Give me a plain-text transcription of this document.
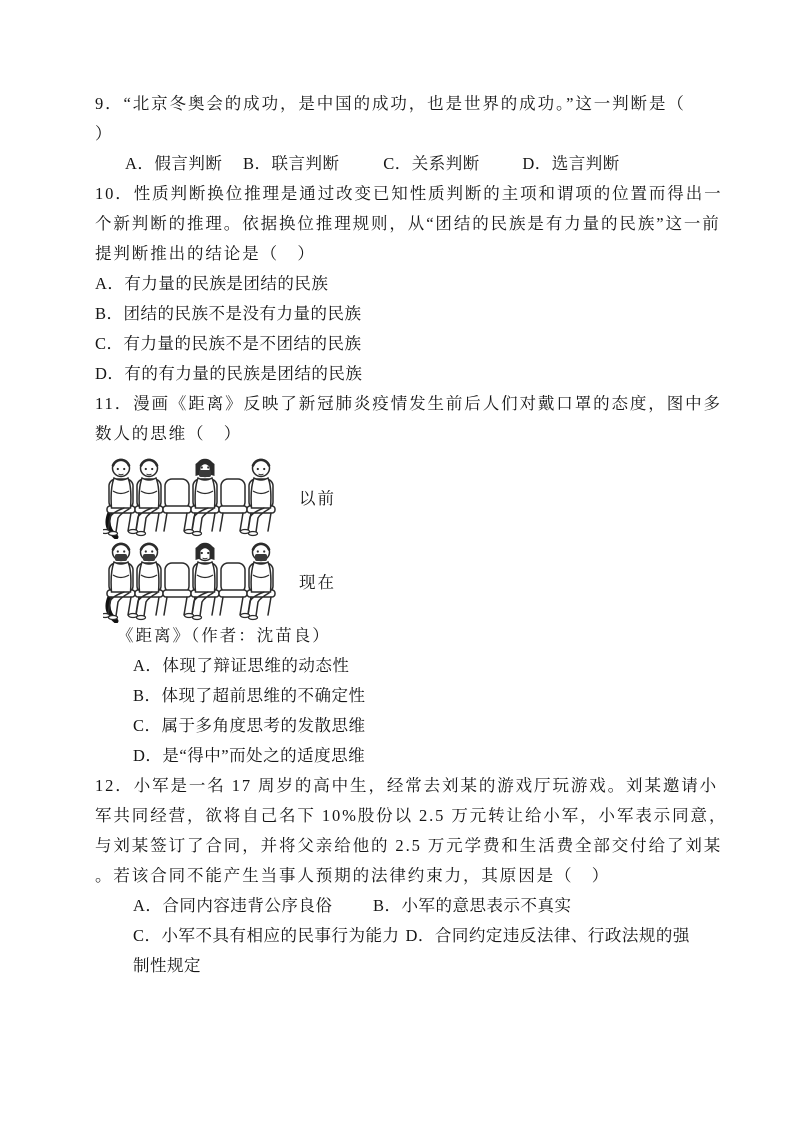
9．“北京冬奥会的成功，是中国的成功，也是世界的成功。”这一判断是（
）
A．假言判断 B．联言判断	C．关系判断	D．选言判断
10．性质判断换位推理是通过改变已知性质判断的主项和谓项的位置而得出一
个新判断的推理。依据换位推理规则，从“团结的民族是有力量的民族”这一前
提判断推出的结论是（　）
A．有力量的民族是团结的民族
B．团结的民族不是没有力量的民族
C．有力量的民族不是不团结的民族
D．有的有力量的民族是团结的民族
11．漫画《距离》反映了新冠肺炎疫情发生前后人们对戴口罩的态度，图中多
数人的思维（　）
以前
现在
《距离》（作者：沈苗良）
A．体现了辩证思维的动态性
B．体现了超前思维的不确定性
C．属于多角度思考的发散思维
D．是“得中”而处之的适度思维
12．小军是一名 17 周岁的高中生，经常去刘某的游戏厅玩游戏。刘某邀请小
军共同经营，欲将自己名下 10%股份以 2.5 万元转让给小军，小军表示同意，
与刘某签订了合同，并将父亲给他的 2.5 万元学费和生活费全部交付给了刘某
。若该合同不能产生当事人预期的法律约束力，其原因是（　）
A．合同内容违背公序良俗 B．小军的意思表示不真实
C．小军不具有相应的民事行为能力 D．合同约定违反法律、行政法规的强制性规定
